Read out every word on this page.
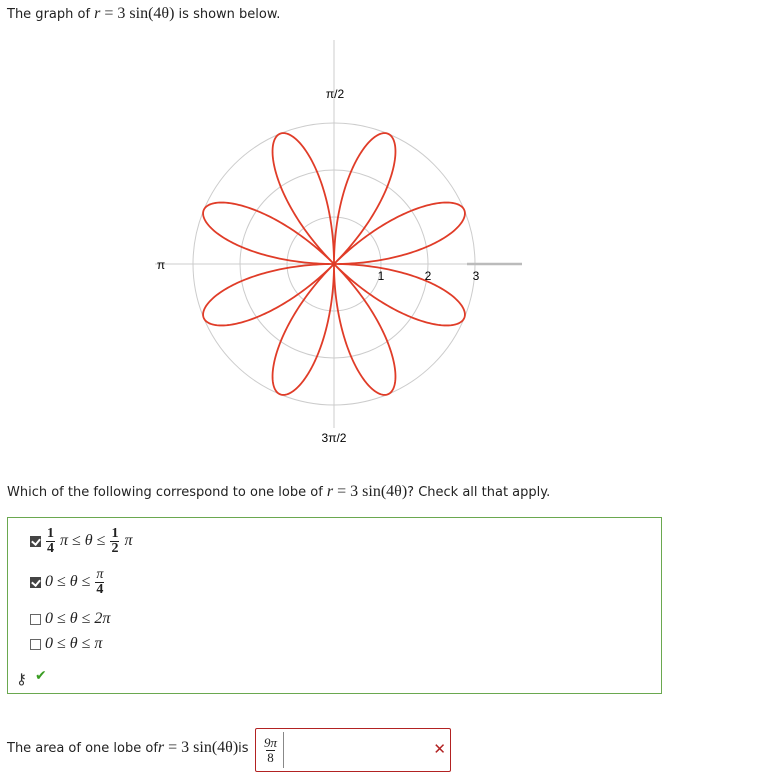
The graph of r = 3 sin(4θ) is shown below.
π/2
π
3π/2
1	2	3
Which of the following correspond to one lobe of r = 3 sin(4θ)? Check all that apply.
$\frac{1}{4}$ $\pi \le \theta \le \frac{1}{2}$ π
$0 \le \theta \le \frac{\pi}{4}$
0 ≤ θ ≤ 2π
0 ≤ θ ≤ π
⚷ ✔
The area of one lobe of r = 3 sin(4θ) is $\frac{9\pi}{8}$	✕
